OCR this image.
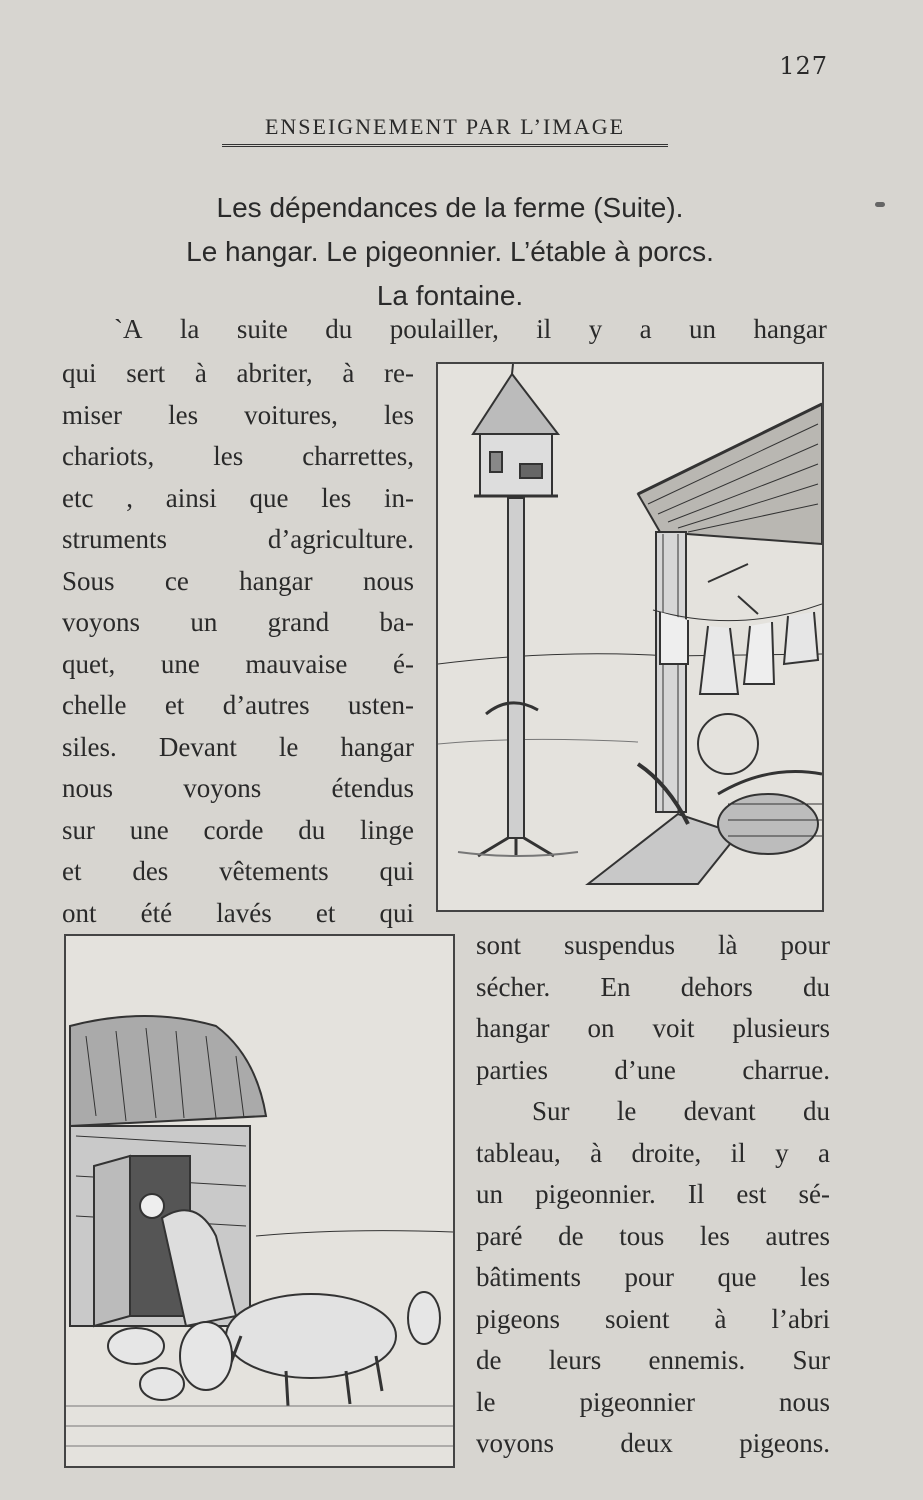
127
ENSEIGNEMENT PAR L’IMAGE
Les dépendances de la ferme (Suite).
Le hangar. Le pigeonnier. L’étable à porcs.
La fontaine.
`A la suite du poulailler, il y a un hangar
qui sert à abriter, à re-
miser les voitures, les
chariots, les charrettes,
etc , ainsi que les in-
struments	d’agriculture.
Sous ce hangar nous
voyons un grand ba-
quet, une mauvaise é-
chelle et d’autres usten-
siles. Devant le hangar
nous	voyons	étendus
sur une corde du linge
et des vêtements qui
ont été lavés et qui
sont suspendus là pour
sécher. En dehors du
hangar on voit plusieurs
parties d’une charrue.
Sur le devant du
tableau, à droite, il y a
un pigeonnier. Il est sé-
paré de tous les autres
bâtiments pour que les
pigeons soient à l’abri
de leurs ennemis. Sur
le	pigeonnier	nous
voyons deux pigeons.
